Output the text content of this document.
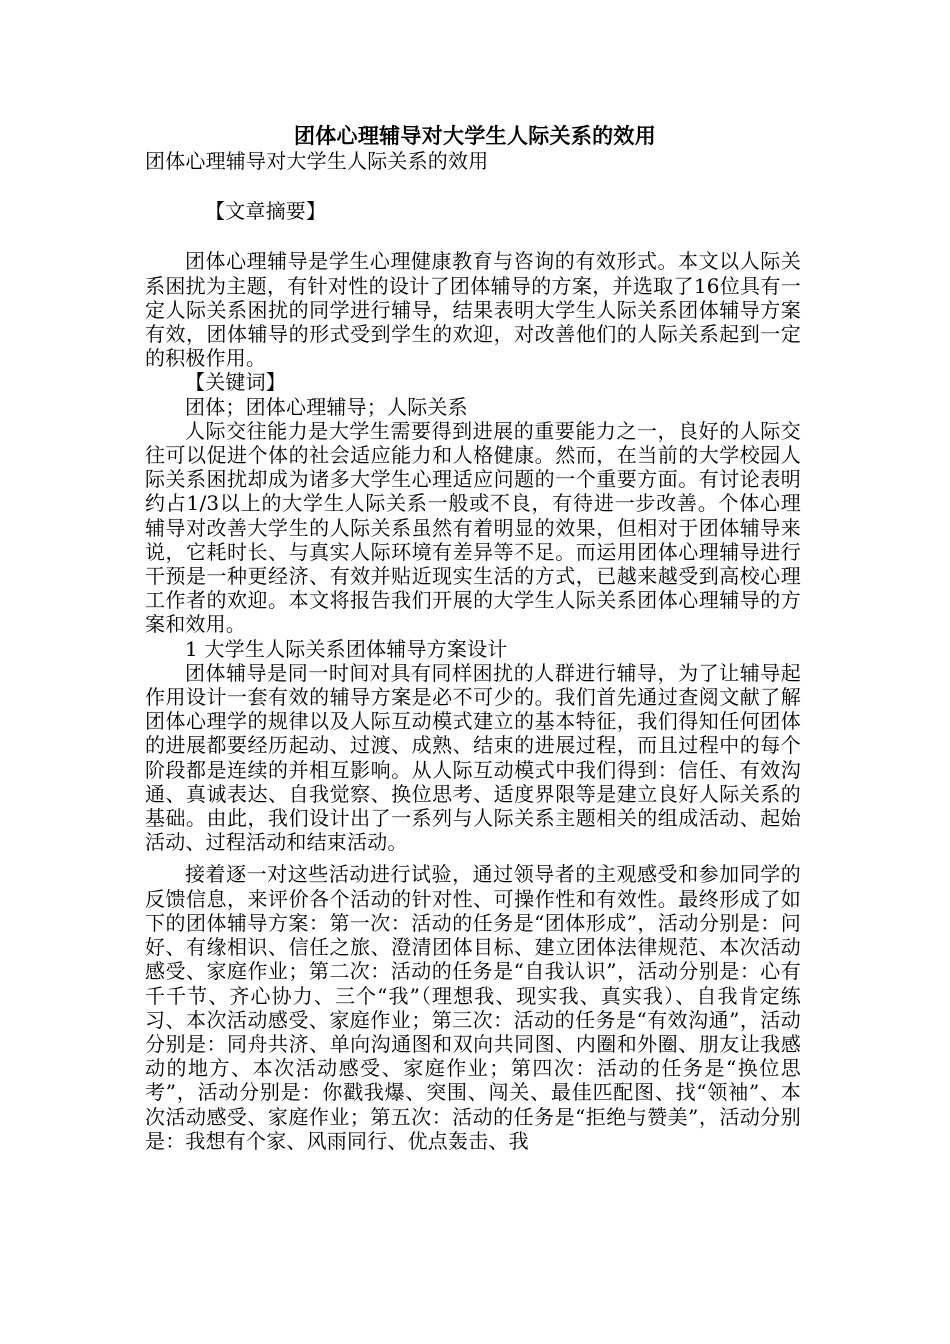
团体心理辅导对大学生人际关系的效用

团体心理辅导对大学生人际关系的效用

【文章摘要】

团体心理辅导是学生心理健康教育与咨询的有效形式。本文以人际关系困扰为主题，有针对性的设计了团体辅导的方案，并选取了16位具有一定人际关系困扰的同学进行辅导，结果表明大学生人际关系团体辅导方案有效，团体辅导的形式受到学生的欢迎，对改善他们的人际关系起到一定的积极作用。

【关键词】

团体；团体心理辅导；人际关系

人际交往能力是大学生需要得到进展的重要能力之一，良好的人际交往可以促进个体的社会适应能力和人格健康。然而，在当前的大学校园人际关系困扰却成为诸多大学生心理适应问题的一个重要方面。有讨论表明约占1/3以上的大学生人际关系一般或不良，有待进一步改善。个体心理辅导对改善大学生的人际关系虽然有着明显的效果，但相对于团体辅导来说，它耗时长、与真实人际环境有差异等不足。而运用团体心理辅导进行干预是一种更经济、有效并贴近现实生活的方式，已越来越受到高校心理工作者的欢迎。本文将报告我们开展的大学生人际关系团体心理辅导的方案和效用。

1 大学生人际关系团体辅导方案设计

团体辅导是同一时间对具有同样困扰的人群进行辅导，为了让辅导起作用设计一套有效的辅导方案是必不可少的。我们首先通过查阅文献了解团体心理学的规律以及人际互动模式建立的基本特征，我们得知任何团体的进展都要经历起动、过渡、成熟、结束的进展过程，而且过程中的每个阶段都是连续的并相互影响。从人际互动模式中我们得到：信任、有效沟通、真诚表达、自我觉察、换位思考、适度界限等是建立良好人际关系的基础。由此，我们设计出了一系列与人际关系主题相关的组成活动、起始活动、过程活动和结束活动。

接着逐一对这些活动进行试验，通过领导者的主观感受和参加同学的反馈信息，来评价各个活动的针对性、可操作性和有效性。最终形成了如下的团体辅导方案：第一次：活动的任务是“团体形成”，活动分别是：问好、有缘相识、信任之旅、澄清团体目标、建立团体法律规范、本次活动感受、家庭作业；第二次：活动的任务是“自我认识”，活动分别是：心有千千节、齐心协力、三个“我”（理想我、现实我、真实我）、自我肯定练习、本次活动感受、家庭作业；第三次：活动的任务是“有效沟通”，活动分别是：同舟共济、单向沟通图和双向共同图、内圈和外圈、朋友让我感动的地方、本次活动感受、家庭作业；第四次：活动的任务是“换位思考”，活动分别是：你戳我爆、突围、闯关、最佳匹配图、找“领袖”、本次活动感受、家庭作业；第五次：活动的任务是“拒绝与赞美”，活动分别是：我想有个家、风雨同行、优点轰击、我
